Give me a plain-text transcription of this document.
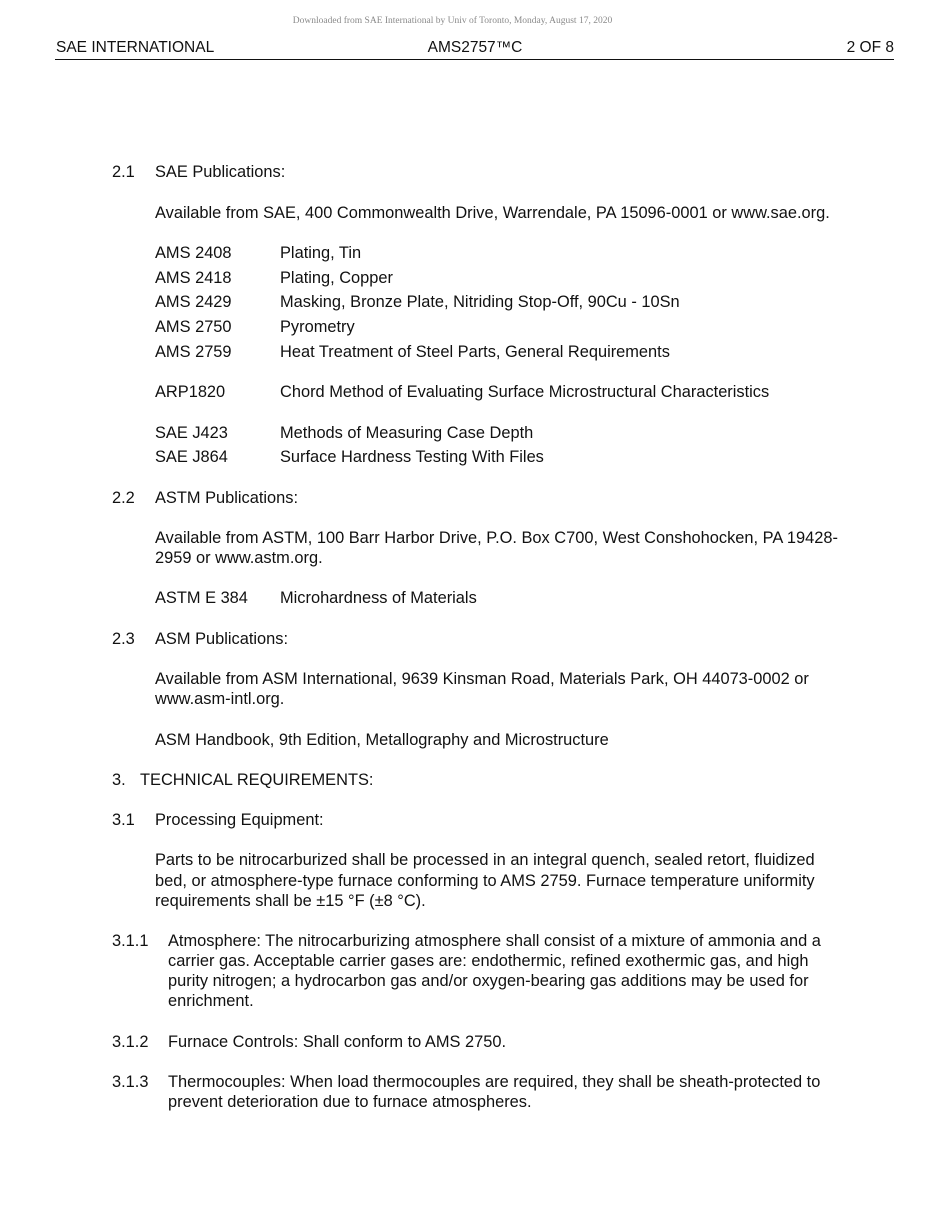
Downloaded from SAE International by Univ of Toronto, Monday, August 17, 2020
SAE INTERNATIONAL	AMS2757™C	2 OF 8
2.1 SAE Publications:
Available from SAE, 400 Commonwealth Drive, Warrendale, PA 15096-0001 or www.sae.org.
AMS 2408	Plating, Tin
AMS 2418	Plating, Copper
AMS 2429	Masking, Bronze Plate, Nitriding Stop-Off, 90Cu - 10Sn
AMS 2750	Pyrometry
AMS 2759	Heat Treatment of Steel Parts, General Requirements
ARP1820	Chord Method of Evaluating Surface Microstructural Characteristics
SAE J423	Methods of Measuring Case Depth
SAE J864	Surface Hardness Testing With Files
2.2 ASTM Publications:
Available from ASTM, 100 Barr Harbor Drive, P.O. Box C700, West Conshohocken, PA 19428-
2959 or www.astm.org.
ASTM E 384 Microhardness of Materials
2.3 ASM Publications:
Available from ASM International, 9639 Kinsman Road, Materials Park, OH 44073-0002 or
www.asm-intl.org.
ASM Handbook, 9th Edition, Metallography and Microstructure
3. TECHNICAL REQUIREMENTS:
3.1 Processing Equipment:
Parts to be nitrocarburized shall be processed in an integral quench, sealed retort, fluidized
bed, or atmosphere-type furnace conforming to AMS 2759. Furnace temperature uniformity
requirements shall be ±15 °F (±8 °C).
3.1.1 Atmosphere: The nitrocarburizing atmosphere shall consist of a mixture of ammonia and a
carrier gas. Acceptable carrier gases are: endothermic, refined exothermic gas, and high
purity nitrogen; a hydrocarbon gas and/or oxygen-bearing gas additions may be used for
enrichment.
3.1.2 Furnace Controls: Shall conform to AMS 2750.
3.1.3 Thermocouples: When load thermocouples are required, they shall be sheath-protected to
prevent deterioration due to furnace atmospheres.
